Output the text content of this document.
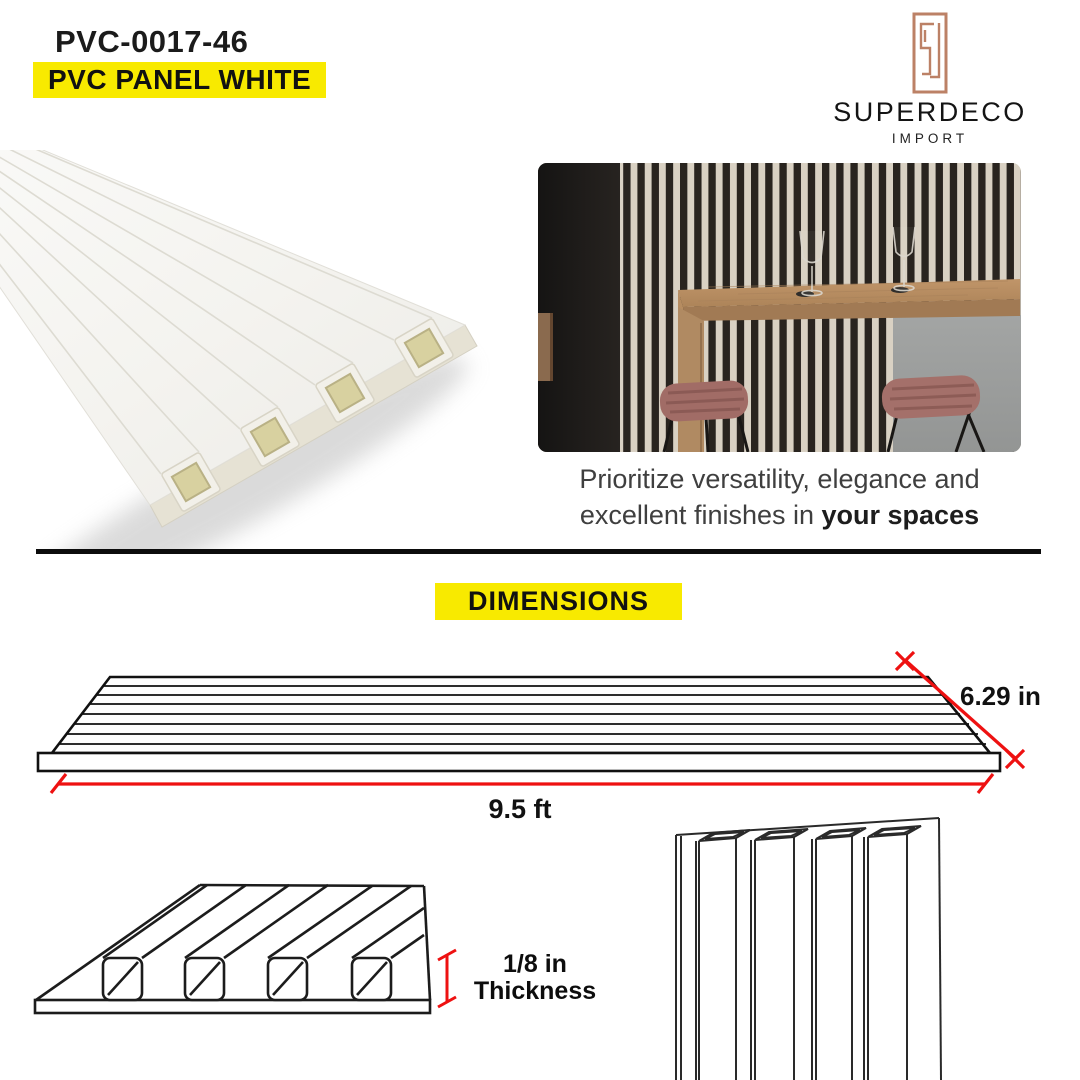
PVC-0017-46
PVC PANEL WHITE
SUPERDECO
IMPORT
Prioritize versatility, elegance and
excellent finishes in your spaces
DIMENSIONS
6.29 in
9.5 ft
1/8 in
Thickness
